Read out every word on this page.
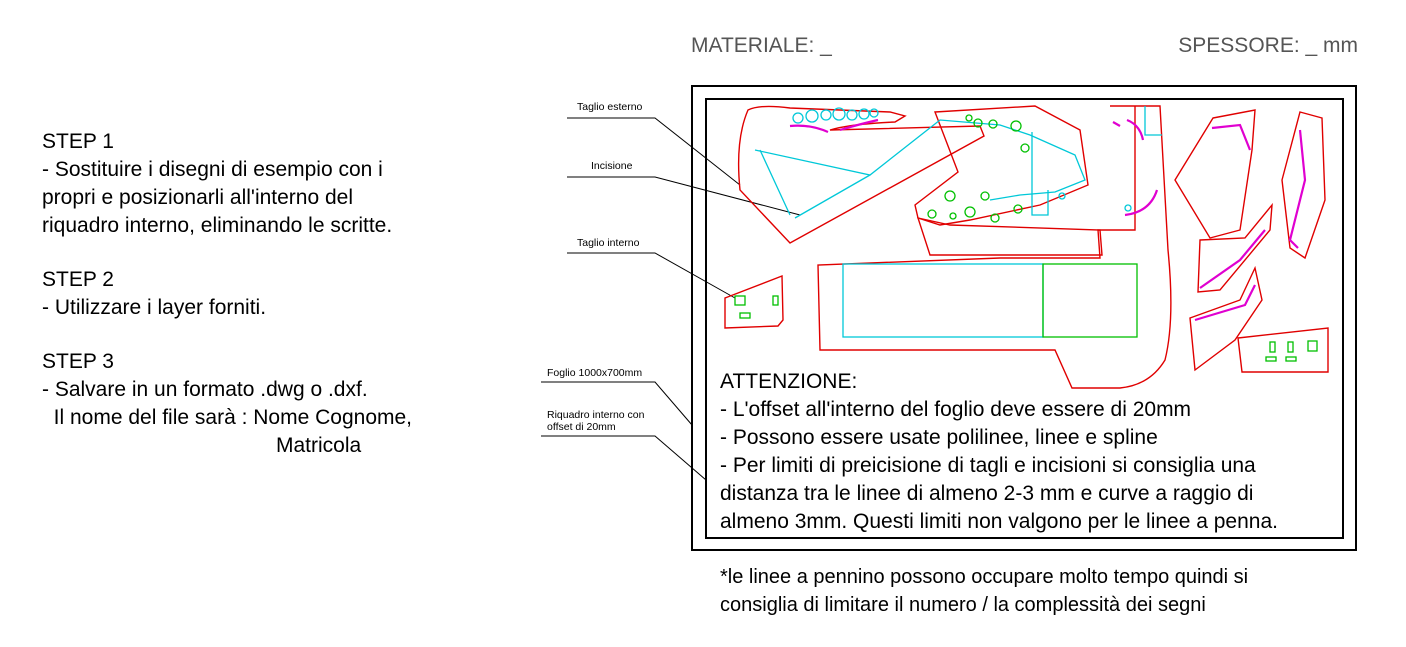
MATERIALE: _	SPESSORE: _ mm

STEP 1

- Sostituire i disegni di esempio con i

propri e posizionarli all'interno del

riquadro interno, eliminando le scritte.

STEP 2

- Utilizzare i layer forniti.

STEP 3

- Salvare in un formato .dwg o .dxf.

Il nome del file sarà : Nome Cognome,

Matricola

Taglio esterno
Incisione
Taglio interno
Foglio 1000x700mm
Riquadro interno con
offset di 20mm

ATTENZIONE:

- L'offset all'interno del foglio deve essere di 20mm

- Possono essere usate polilinee, linee e spline

- Per limiti di preicisione di tagli e incisioni si consiglia una

distanza tra le linee di almeno 2-3 mm e curve a raggio di

almeno 3mm. Questi limiti non valgono per le linee a penna.

*le linee a pennino possono occupare molto tempo quindi si

consiglia di limitare il numero / la complessità dei segni
